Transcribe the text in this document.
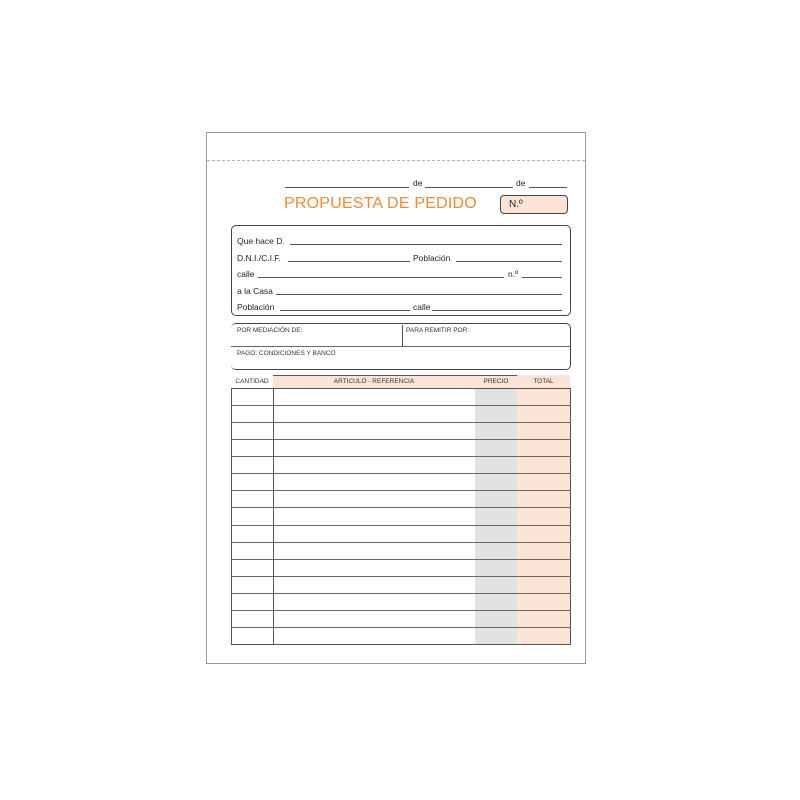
de	de
PROPUESTA DE PEDIDO	N.º
Que hace D.
D.N.I./C.I.F.	Población
calle	n.º
a la Casa
Población	calle
POR MEDIACIÓN DE:	PARA REMITIR POR:
PAGO: CONDICIONES Y BANCO
CANTIDAD	ARTICULO - REFERENCIA	PRECIO	TOTAL
